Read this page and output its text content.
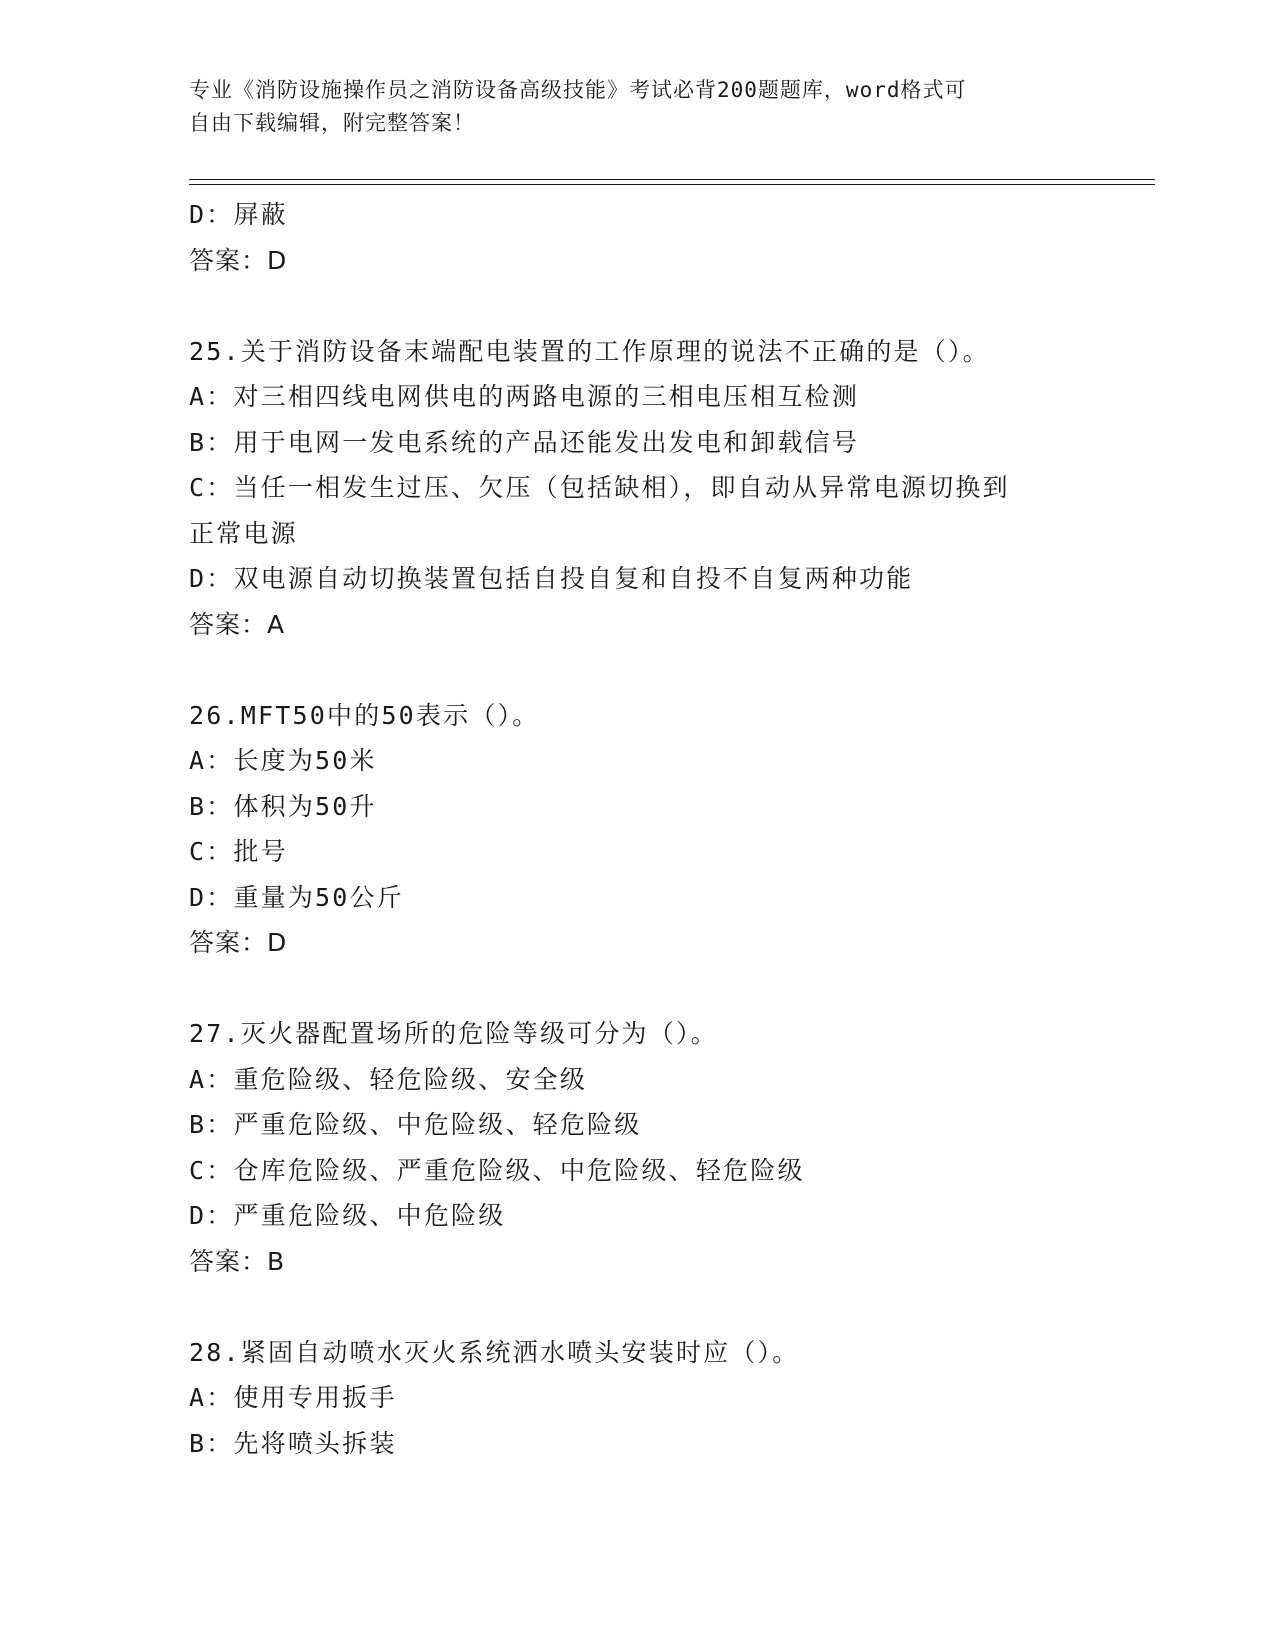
专业《消防设施操作员之消防设备高级技能》考试必背200题题库，word格式可
自由下载编辑，附完整答案！
D：屏蔽
答案：D
25.关于消防设备末端配电装置的工作原理的说法不正确的是（）。
A：对三相四线电网供电的两路电源的三相电压相互检测
B：用于电网一发电系统的产品还能发出发电和卸载信号
C：当任一相发生过压、欠压（包括缺相），即自动从异常电源切换到
正常电源
D：双电源自动切换装置包括自投自复和自投不自复两种功能
答案：A
26.MFT50中的50表示（）。
A：长度为50米
B：体积为50升
C：批号
D：重量为50公斤
答案：D
27.灭火器配置场所的危险等级可分为（）。
A：重危险级、轻危险级、安全级
B：严重危险级、中危险级、轻危险级
C：仓库危险级、严重危险级、中危险级、轻危险级
D：严重危险级、中危险级
答案：B
28.紧固自动喷水灭火系统洒水喷头安装时应（）。
A：使用专用扳手
B：先将喷头拆装
